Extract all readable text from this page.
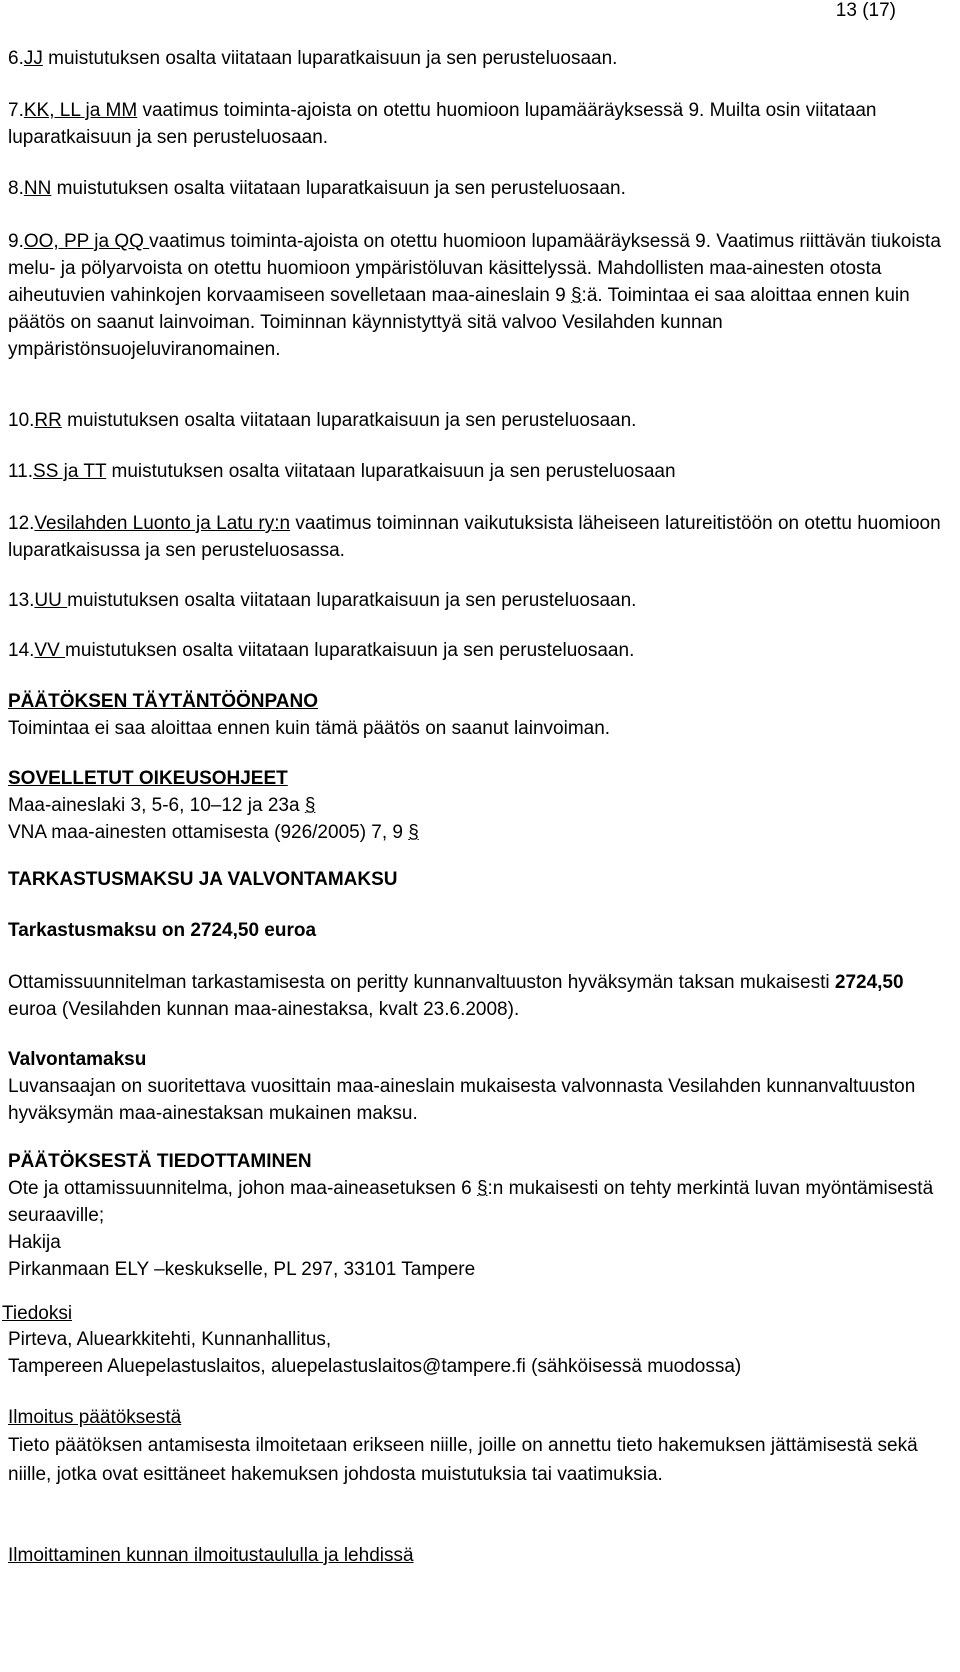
13 (17)
6.JJ muistutuksen osalta viitataan luparatkaisuun ja sen perusteluosaan.
7.KK, LL ja MM vaatimus toiminta-ajoista on otettu huomioon lupamääräyksessä 9. Muilta osin viitataan luparatkaisuun ja sen perusteluosaan.
8.NN muistutuksen osalta viitataan luparatkaisuun ja sen perusteluosaan.
9.OO, PP ja QQ vaatimus toiminta-ajoista on otettu huomioon lupamääräyksessä 9. Vaatimus riittävän tiukoista melu- ja pölyarvoista on otettu huomioon ympäristöluvan käsittelyssä. Mahdollisten maa-ainesten otosta aiheutuvien vahinkojen korvaamiseen sovelletaan maa-aineslain 9 §:ä. Toimintaa ei saa aloittaa ennen kuin päätös on saanut lainvoiman. Toiminnan käynnistyttyä sitä valvoo Vesilahden kunnan ympäristönsuojeluviranomainen.
10.RR muistutuksen osalta viitataan luparatkaisuun ja sen perusteluosaan.
11.SS ja TT muistutuksen osalta viitataan luparatkaisuun ja sen perusteluosaan
12.Vesilahden Luonto ja Latu ry:n vaatimus toiminnan vaikutuksista läheiseen latureitistöön on otettu huomioon luparatkaisussa ja sen perusteluosassa.
13.UU muistutuksen osalta viitataan luparatkaisuun ja sen perusteluosaan.
14.VV muistutuksen osalta viitataan luparatkaisuun ja sen perusteluosaan.
PÄÄTÖKSEN TÄYTÄNTÖÖNPANO
Toimintaa ei saa aloittaa ennen kuin tämä päätös on saanut lainvoiman.
SOVELLETUT OIKEUSOHJEET
Maa-aineslaki 3, 5-6, 10–12 ja 23a §
VNA maa-ainesten ottamisesta (926/2005) 7, 9 §
TARKASTUSMAKSU JA VALVONTAMAKSU
Tarkastusmaksu on 2724,50 euroa
Ottamissuunnitelman tarkastamisesta on peritty kunnanvaltuuston hyväksymän taksan mukaisesti 2724,50 euroa (Vesilahden kunnan maa-ainestaksa, kvalt 23.6.2008).
Valvontamaksu
Luvansaajan on suoritettava vuosittain maa-aineslain mukaisesta valvonnasta Vesilahden kunnanvaltuuston hyväksymän maa-ainestaksan mukainen maksu.
PÄÄTÖKSESTÄ TIEDOTTAMINEN
Ote ja ottamissuunnitelma, johon maa-aineasetuksen 6 §:n mukaisesti on tehty merkintä luvan myöntämisestä seuraaville;
Hakija
Pirkanmaan ELY –keskukselle, PL 297, 33101 Tampere
Tiedoksi
Pirteva, Aluearkkitehti, Kunnanhallitus,
Tampereen Aluepelastuslaitos, aluepelastuslaitos@tampere.fi (sähköisessä muodossa)
Ilmoitus päätöksestä
Tieto päätöksen antamisesta ilmoitetaan erikseen niille, joille on annettu tieto hakemuksen jättämisestä sekä niille, jotka ovat esittäneet hakemuksen johdosta muistutuksia tai vaatimuksia.
Ilmoittaminen kunnan ilmoitustaululla ja lehdissä
